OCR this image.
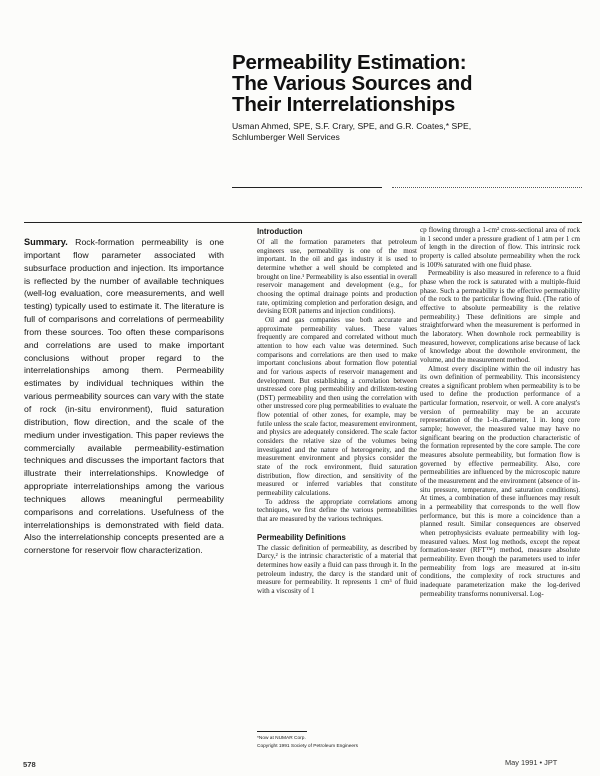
Permeability Estimation:
The Various Sources and
Their Interrelationships
Usman Ahmed, SPE, S.F. Crary, SPE, and G.R. Coates,* SPE,
Schlumberger Well Services
Summary. Rock-formation permeability is one important flow parameter associated with subsurface production and injection. Its importance is reflected by the number of available techniques (well-log evaluation, core measurements, and well testing) typically used to estimate it. The literature is full of comparisons and correlations of permeability from these sources. Too often these comparisons and correlations are used to make important conclusions without proper regard to the interrelationships among them. Permeability estimates by individual techniques within the various permeability sources can vary with the state of rock (in-situ environment), fluid saturation distribution, flow direction, and the scale of the medium under investigation. This paper reviews the commercially available permeability-estimation techniques and discusses the important factors that illustrate their interrelationships. Knowledge of appropriate interrelationships among the various techniques allows meaningful permeability comparisons and correlations. Usefulness of the interrelationships is demonstrated with field data. Also the interrelationship concepts presented are a cornerstone for reservoir flow characterization.
Introduction

Of all the formation parameters that petroleum engineers use, permeability is one of the most important. In the oil and gas industry it is used to determine whether a well should be completed and brought on line.¹ Permeability is also essential in overall reservoir management and development (e.g., for choosing the optimal drainage points and production rate, optimizing completion and perforation design, and devising EOR patterns and injection conditions).

Oil and gas companies use both accurate and approximate permeability values. These values frequently are compared and correlated without much attention to how each value was determined. Such comparisons and correlations are then used to make important conclusions about formation flow potential and for various aspects of reservoir management and development. But establishing a correlation between unstressed core plug permeability and drillstem-testing (DST) permeability and then using the correlation with other unstressed core plug permeabilities to evaluate the flow potential of other zones, for example, may be futile unless the scale factor, measurement environment, and physics are adequately considered. The scale factor considers the relative size of the volumes being investigated and the nature of heterogeneity, and the measurement environment and physics consider the state of the rock environment, fluid saturation distribution, flow direction, and sensitivity of the measured or inferred variables that constitute permeability calculations.

To address the appropriate correlations among techniques, we first define the various permeabilities that are measured by the various techniques.

Permeability Definitions

The classic definition of permeability, as described by Darcy,² is the intrinsic characteristic of a material that determines how easily a fluid can pass through it. In the petroleum industry, the darcy is the standard unit of measure for permeability. It represents 1 cm³ of fluid with a viscosity of 1

*Now at NUMAR Corp.
Copyright 1991 Society of Petroleum Engineers

cp flowing through a 1-cm² cross-sectional area of rock in 1 second under a pressure gradient of 1 atm per 1 cm of length in the direction of flow. This intrinsic rock property is called absolute permeability when the rock is 100% saturated with one fluid phase.

Permeability is also measured in reference to a fluid phase when the rock is saturated with a multiple-fluid phase. Such a permeability is the effective permeability of the rock to the particular flowing fluid. (The ratio of effective to absolute permeability is the relative permeability.) These definitions are simple and straightforward when the measurement is performed in the laboratory. When downhole rock permeability is measured, however, complications arise because of lack of knowledge about the downhole environment, the volume, and the measurement method.

Almost every discipline within the oil industry has its own definition of permeability. This inconsistency creates a significant problem when permeability is to be used to define the production performance of a particular formation, reservoir, or well. A core analyst's version of permeability may be an accurate representation of the 1-in.-diameter, 1 in. long core sample; however, the measured value may have no significant bearing on the production characteristic of the formation represented by the core sample. The core measures absolute permeability, but formation flow is governed by effective permeability. Also, core permeabilities are influenced by the microscopic nature of the measurement and the environment (absence of in-situ pressure, temperature, and saturation conditions). At times, a combination of these influences may result in a permeability that corresponds to the well flow performance, but this is more a coincidence than a planned result. Similar consequences are observed when petrophysicists evaluate permeability with log-measured values. Most log methods, except the repeat formation-tester (RFT™) method, measure absolute permeability. Even though the parameters used to infer permeability from logs are measured at in-situ conditions, the complexity of rock structures and inadequate parameterization make the log-derived permeability transforms nonuniversal. Log-

578	May 1991 • JPT
